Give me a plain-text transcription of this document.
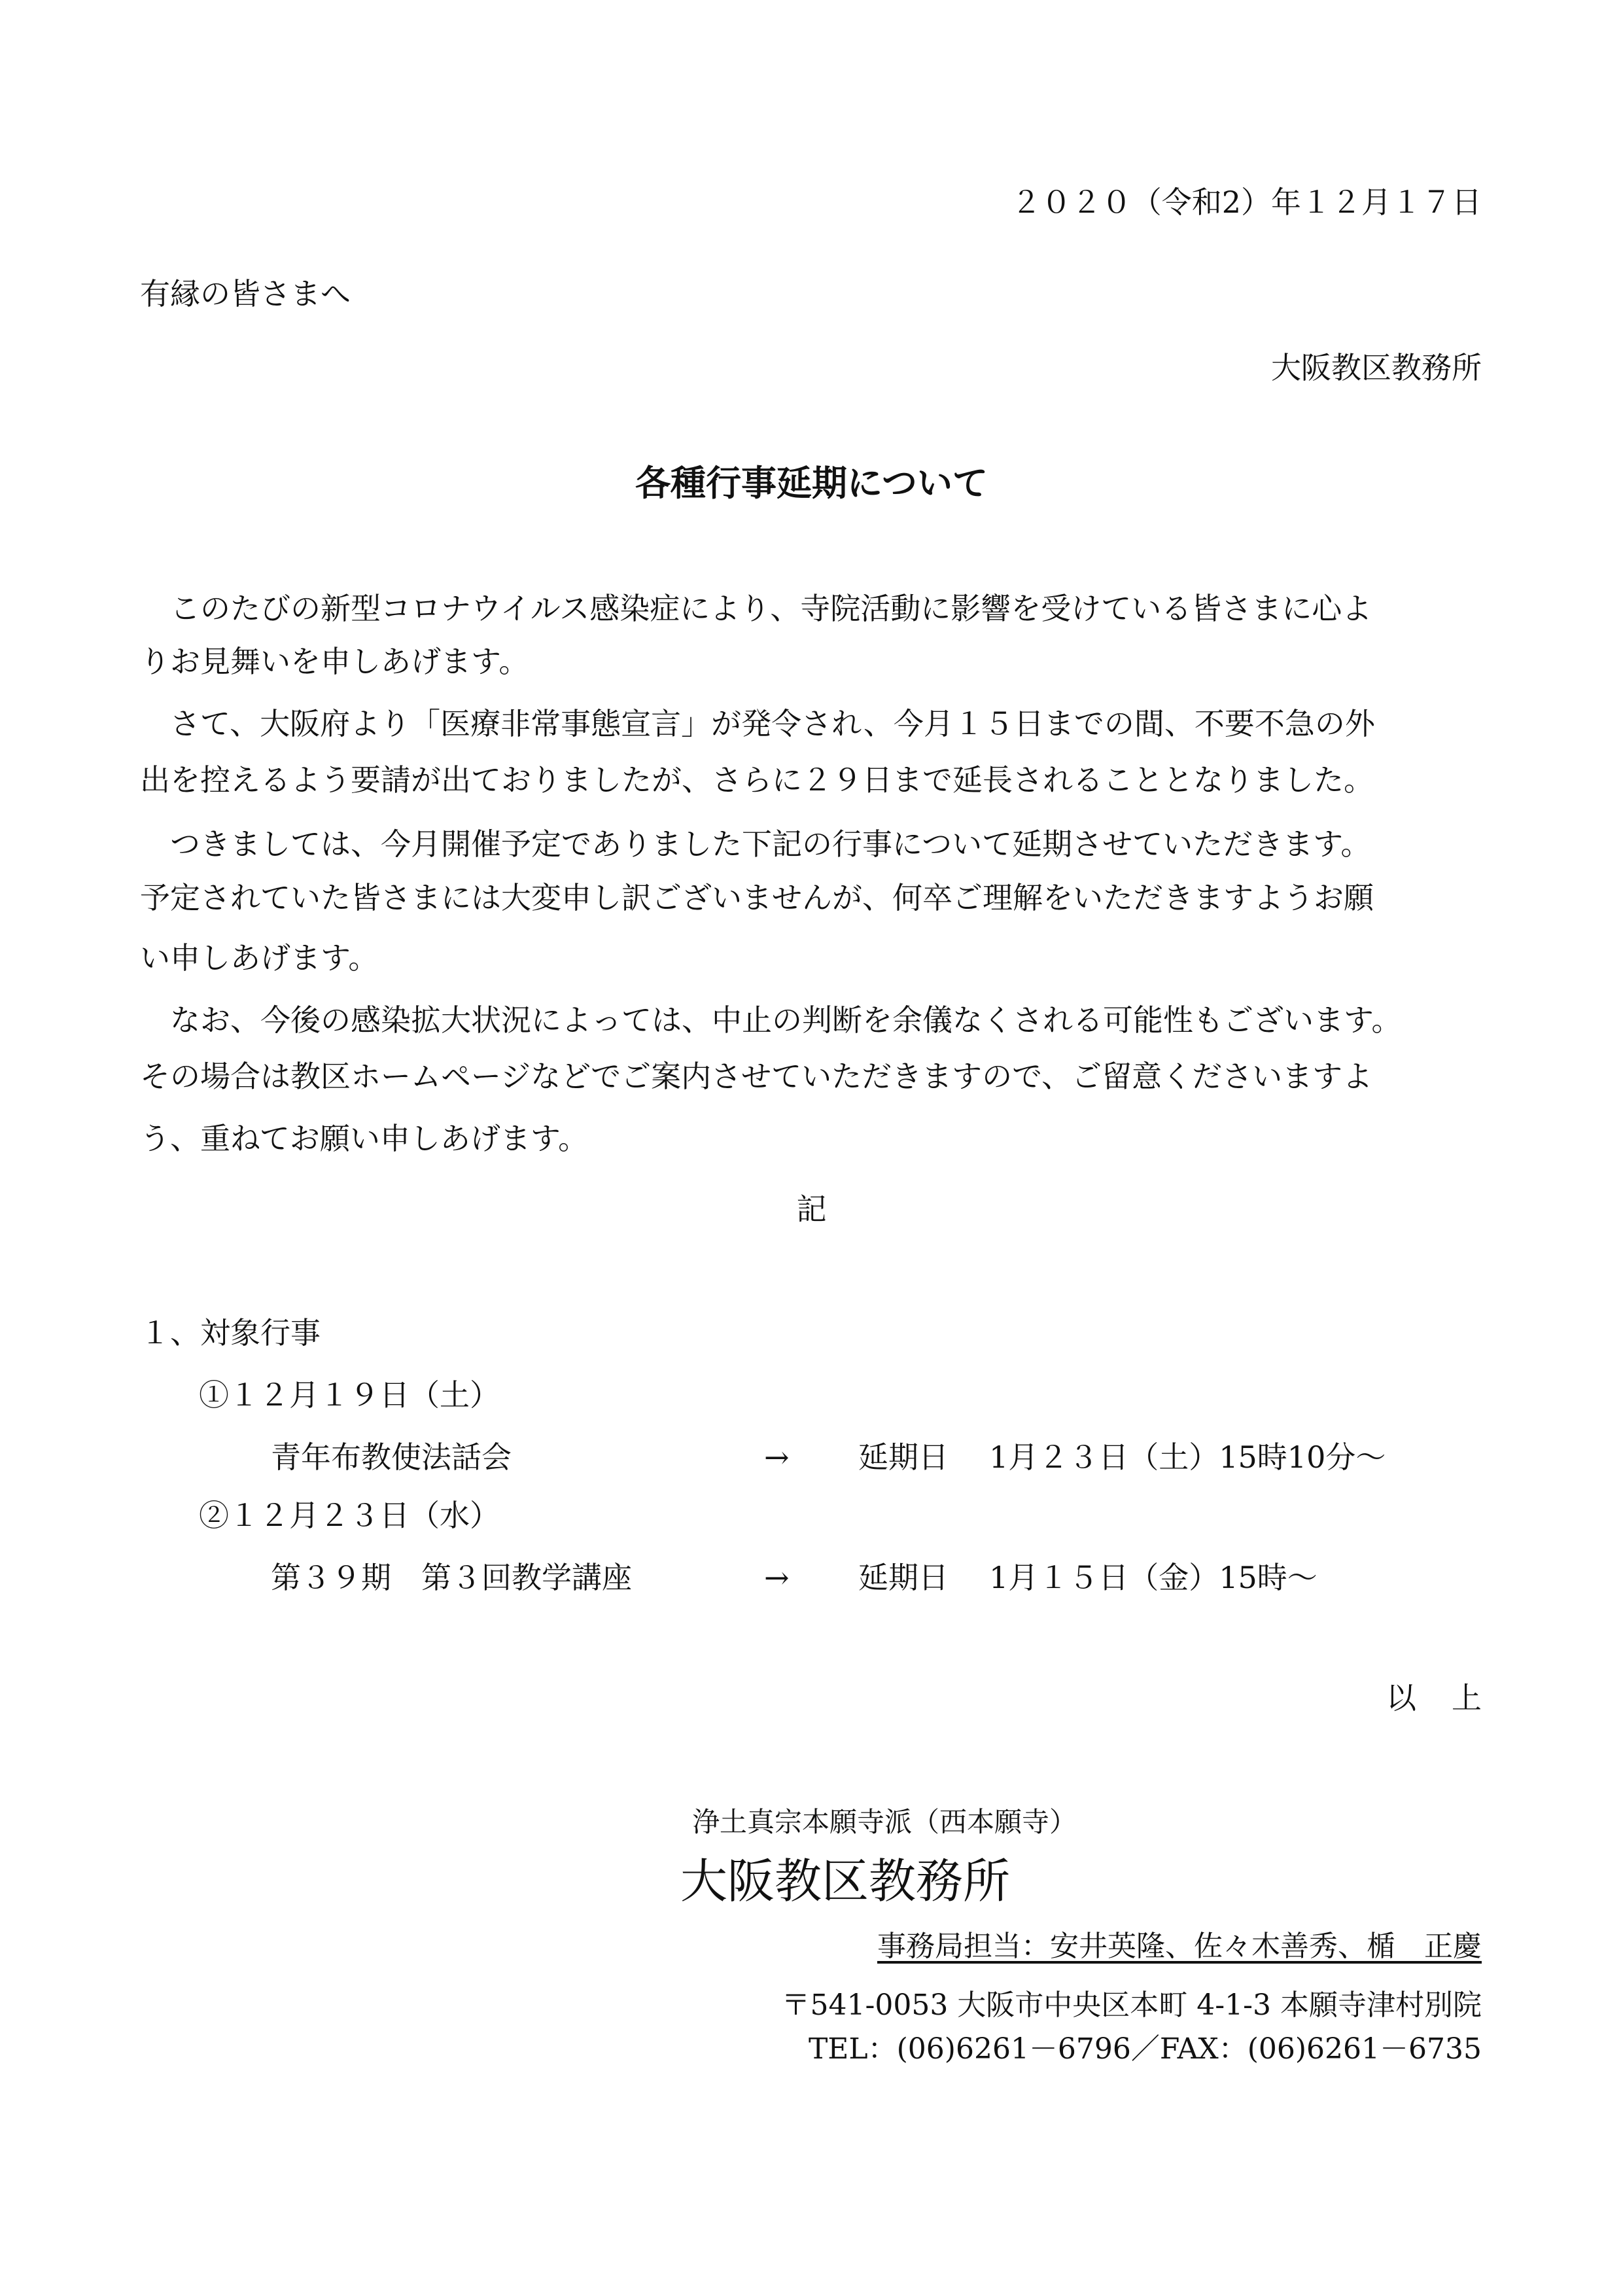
２０２０（令和2）年１２月１７日
有縁の皆さまへ
大阪教区教務所
各種行事延期について
　このたびの新型コロナウイルス感染症により、寺院活動に影響を受けている皆さまに心よ
りお見舞いを申しあげます。
　さて、大阪府より「医療非常事態宣言」が発令され、今月１５日までの間、不要不急の外
出を控えるよう要請が出ておりましたが、さらに２９日まで延長されることとなりました。
　つきましては、今月開催予定でありました下記の行事について延期させていただきます。
予定されていた皆さまには大変申し訳ございませんが、何卒ご理解をいただきますようお願
い申しあげます。
　なお、今後の感染拡大状況によっては、中止の判断を余儀なくされる可能性もございます。
その場合は教区ホームページなどでご案内させていただきますので、ご留意くださいますよ
う、重ねてお願い申しあげます。
記
１、対象行事
①１２月１９日（土）
青年布教使法話会	→ 延期日 1月２３日（土）15時10分～
②１２月２３日（水）
第３９期　第３回教学講座	→ 延期日 1月１５日（金）15時～
以上
浄土真宗本願寺派（西本願寺）
大阪教区教務所
事務局担当：安井英隆、佐々木善秀、楯　正慶
〒541-0053 大阪市中央区本町 4-1-3 本願寺津村別院
TEL：(06)6261－6796／FAX：(06)6261－6735
